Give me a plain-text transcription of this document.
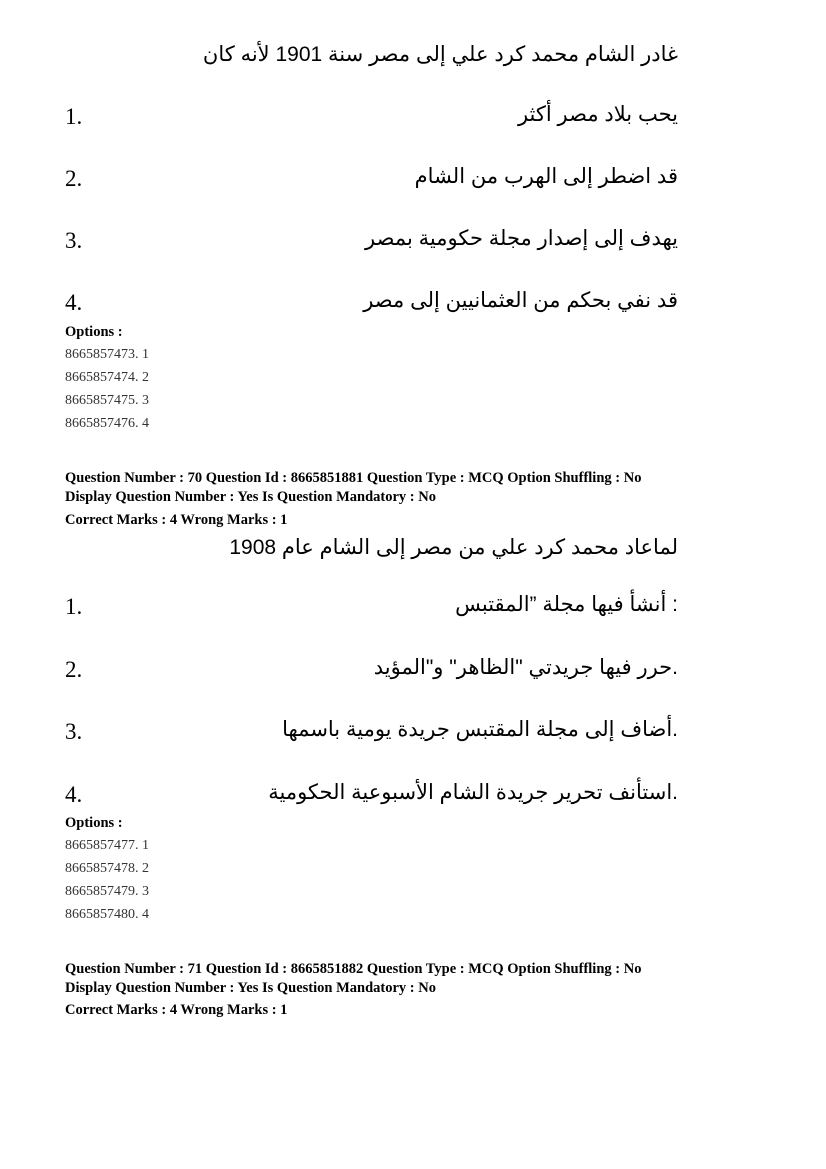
غادر الشام محمد كرد علي إلى مصر سنة 1901 لأنه كان
1.	يحب بلاد مصر أكثر
2.	قد اضطر إلى الهرب من الشام
3.	يهدف إلى إصدار مجلة حكومية بمصر
4.	قد نفي بحكم من العثمانيين إلى مصر
Options :
8665857473. 1
8665857474. 2
8665857475. 3
8665857476. 4
Question Number : 70 Question Id : 8665851881 Question Type : MCQ Option Shuffling : No
Display Question Number : Yes Is Question Mandatory : No
Correct Marks : 4 Wrong Marks : 1
لماعاد محمد كرد علي من مصر إلى الشام عام 1908
1.	: أنشأ فيها مجلة ”المقتبس
2.	.حرر فيها جريدتي "الظاهر" و"المؤيد
3.	.أضاف إلى مجلة المقتبس جريدة يومية باسمها
4.	.استأنف تحرير جريدة الشام الأسبوعية الحكومية
Options :
8665857477. 1
8665857478. 2
8665857479. 3
8665857480. 4
Question Number : 71 Question Id : 8665851882 Question Type : MCQ Option Shuffling : No
Display Question Number : Yes Is Question Mandatory : No
Correct Marks : 4 Wrong Marks : 1
